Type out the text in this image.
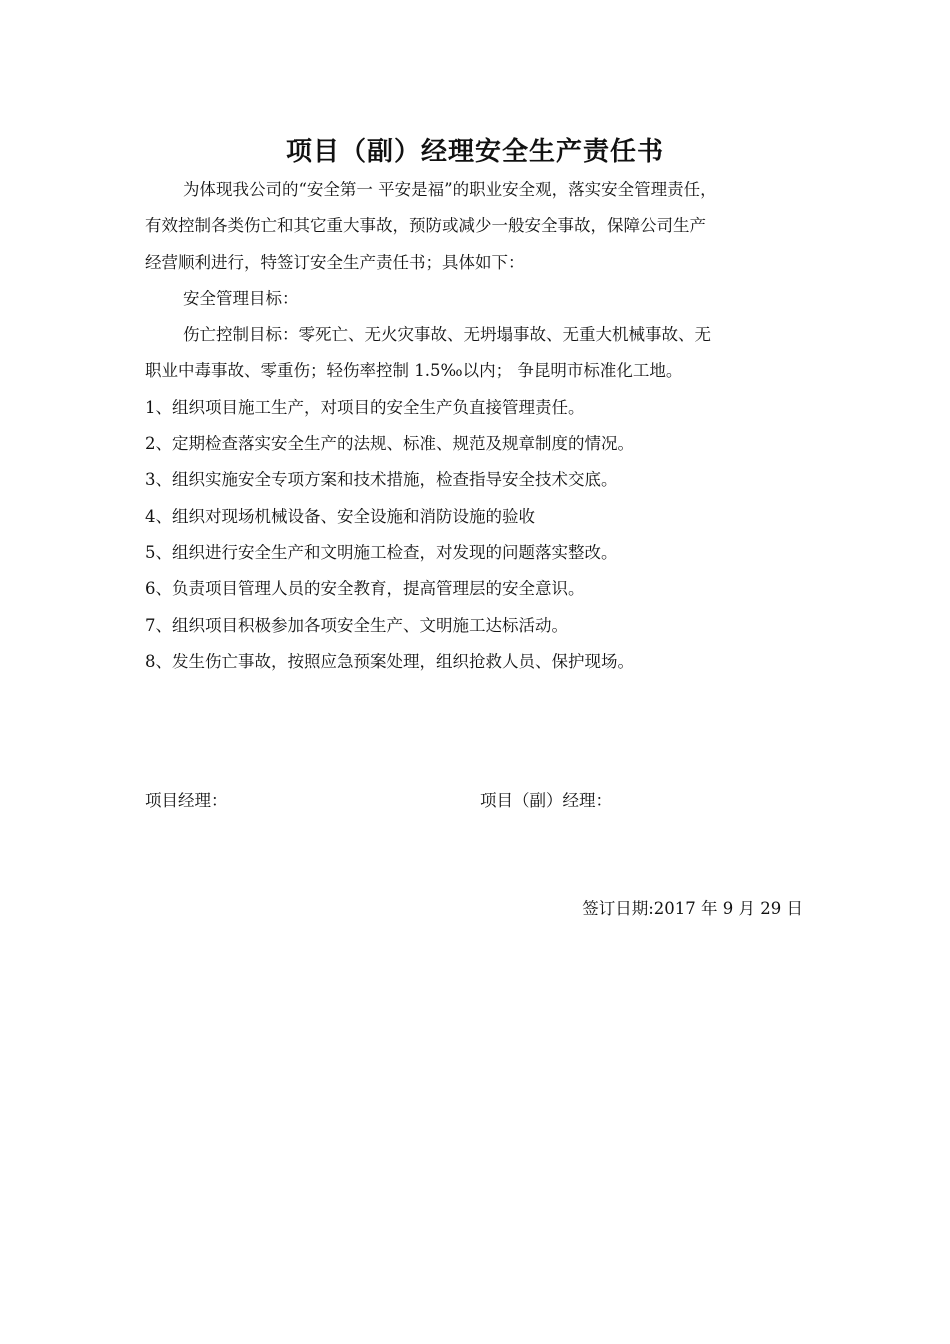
项目（副）经理安全生产责任书

为体现我公司的“安全第一 平安是福”的职业安全观，落实安全管理责任，

有效控制各类伤亡和其它重大事故，预防或减少一般安全事故，保障公司生产

经营顺利进行，特签订安全生产责任书；具体如下：

安全管理目标：

伤亡控制目标：零死亡、无火灾事故、无坍塌事故、无重大机械事故、无

职业中毒事故、零重伤；轻伤率控制 1.5‰以内； 争昆明市标准化工地。

1、组织项目施工生产，对项目的安全生产负直接管理责任。

2、定期检查落实安全生产的法规、标准、规范及规章制度的情况。

3、组织实施安全专项方案和技术措施，检查指导安全技术交底。

4、组织对现场机械设备、安全设施和消防设施的验收

5、组织进行安全生产和文明施工检查，对发现的问题落实整改。

6、负责项目管理人员的安全教育，提高管理层的安全意识。

7、组织项目积极参加各项安全生产、文明施工达标活动。

8、发生伤亡事故，按照应急预案处理，组织抢救人员、保护现场。

项目经理：	项目（副）经理：
签订日期:2017 年 9 月 29 日
